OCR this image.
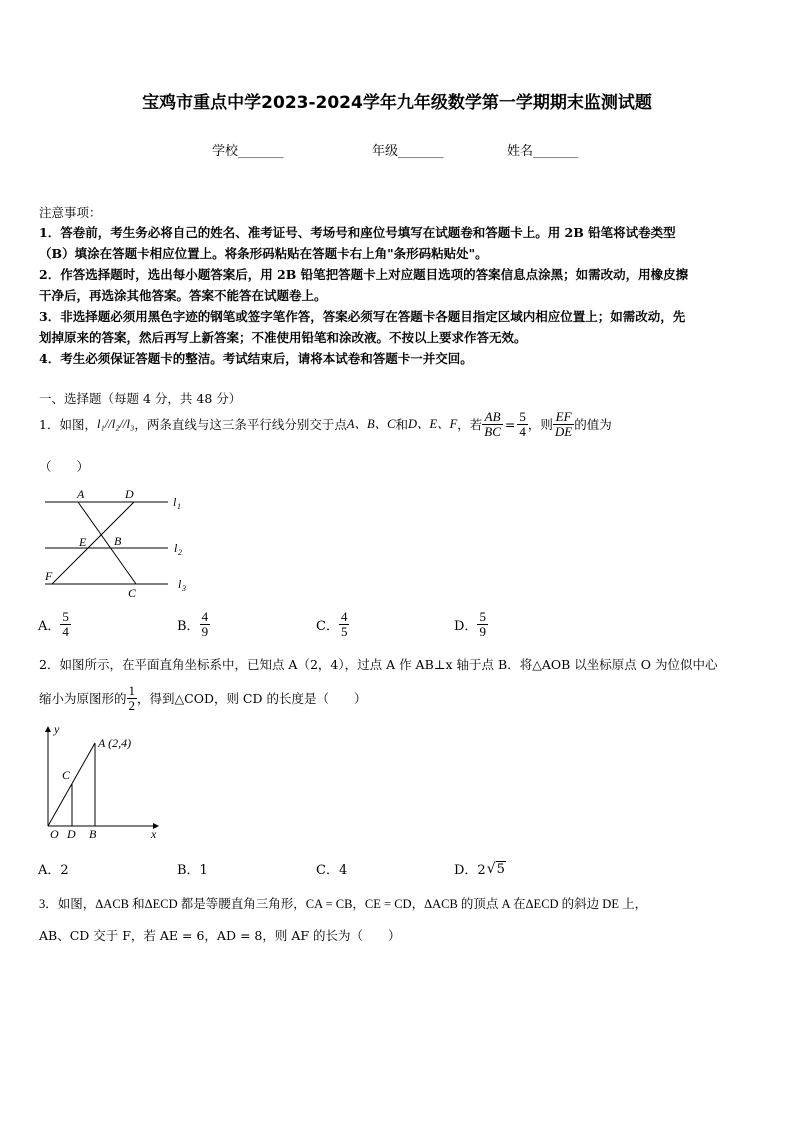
宝鸡市重点中学2023-2024学年九年级数学第一学期期末监测试题
学校_______	年级_______	姓名_______
注意事项：
1．答卷前，考生务必将自己的姓名、准考证号、考场号和座位号填写在试题卷和答题卡上。用 2B 铅笔将试卷类型
（B）填涂在答题卡相应位置上。将条形码粘贴在答题卡右上角"条形码粘贴处"。
2．作答选择题时，选出每小题答案后，用 2B 铅笔把答题卡上对应题目选项的答案信息点涂黑；如需改动，用橡皮擦
干净后，再选涂其他答案。答案不能答在试题卷上。
3．非选择题必须用黑色字迹的钢笔或签字笔作答，答案必须写在答题卡各题目指定区域内相应位置上；如需改动，先
划掉原来的答案，然后再写上新答案；不准使用铅笔和涂改液。不按以上要求作答无效。
4．考生必须保证答题卡的整洁。考试结束后，请将本试卷和答题卡一并交回。
一、选择题（每题 4 分，共 48 分）
1．如图， l₁//l₂//l₃ ，两条直线与这三条平行线分别交于点 A、B、C 和 D、E、F ，若 $\frac{AB}{BC} = \frac{5}{4}$ ，则 $\frac{EF}{DE}$ 的值为
（　　）
A	D
E B
F
C
l 1
l 2
l 3
A． $\frac{5}{4}$	B． $\frac{4}{9}$	C． $\frac{4}{5}$	D． $\frac{5}{9}$
2．如图所示，在平面直角坐标系中，已知点 A（2，4），过点 A 作 AB⊥x 轴于点 B．将△AOB 以坐标原点 O 为位似中心
缩小为原图形的 $\frac{1}{2}$ ，得到△COD，则 CD 的长度是（　　）
y
x
A (2,4)
C
O D B
A．2	B．1	C．4	D．2 √ 5
3．如图，ΔACB 和ΔECD 都是等腰直角三角形，CA = CB，CE = CD，ΔACB 的顶点 A 在ΔECD 的斜边 DE 上，
AB、CD 交于 F，若 AE = 6，AD = 8，则 AF 的长为（　　）
